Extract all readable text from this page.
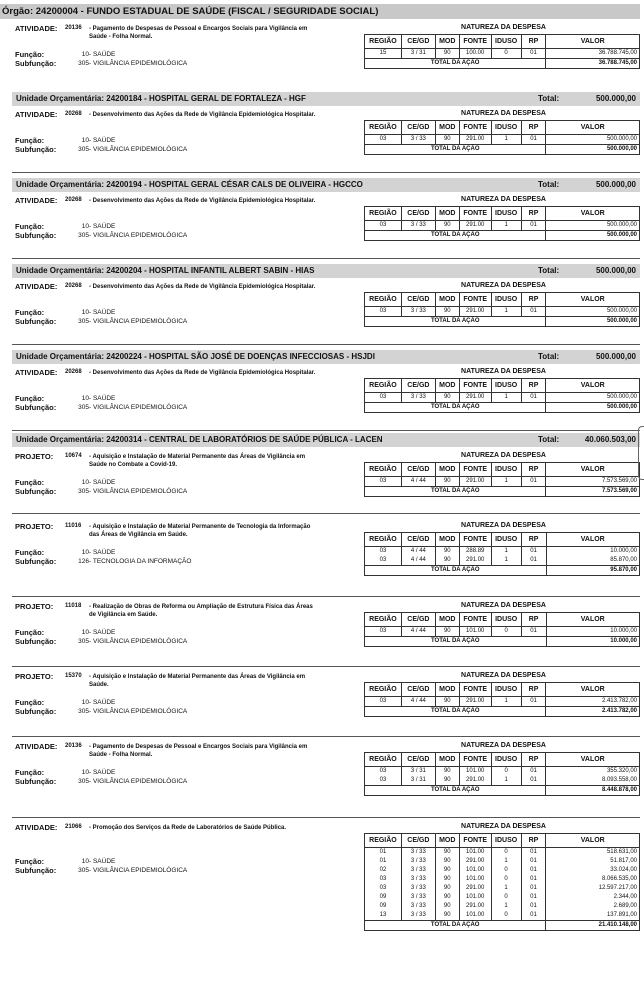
Órgão: 24200004 - FUNDO ESTADUAL DE SAÚDE (FISCAL / SEGURIDADE SOCIAL)
Unidade Orçamentária: 24200184 - HOSPITAL GERAL DE FORTALEZA - HGF	Total:	500.000,00
Unidade Orçamentária: 24200194 - HOSPITAL GERAL CÉSAR CALS DE OLIVEIRA - HGCCO	Total:	500.000,00
Unidade Orçamentária: 24200204 - HOSPITAL INFANTIL ALBERT SABIN - HIAS	Total:	500.000,00
Unidade Orçamentária: 24200224 - HOSPITAL SÃO JOSÉ DE DOENÇAS INFECCIOSAS - HSJDI	Total:	500.000,00
Unidade Orçamentária: 24200314 - CENTRAL DE LABORATÓRIOS DE SAÚDE PÚBLICA - LACEN	Total:	40.060.503,00
ATIVIDADE: 20136 - Pagamento de Despesas de Pessoal e Encargos Sociais para Vigilância em Saúde - Folha Normal.
Função:	10 - SAÚDE
Subfunção:	305 - VIGILÂNCIA EPIDEMIOLÓGICA
NATUREZA DA DESPESA
REGIÃO	CE/GD	MOD	FONTE	IDUSO	RP	VALOR
15	3 / 31	90	100.00	0	01	36.788.745,00
TOTAL DA AÇÃO						36.788.745,00
ATIVIDADE: 20268 - Desenvolvimento das Ações da Rede de Vigilância Epidemiológica Hospitalar.
Função:	10 - SAÚDE
Subfunção:	305 - VIGILÂNCIA EPIDEMIOLÓGICA
NATUREZA DA DESPESA
REGIÃO	CE/GD	MOD	FONTE	IDUSO	RP	VALOR
03	3 / 33	90	291.00	1	01	500.000,00
TOTAL DA AÇÃO						500.000,00
ATIVIDADE: 20268 - Desenvolvimento das Ações da Rede de Vigilância Epidemiológica Hospitalar.
Função:	10 - SAÚDE
Subfunção:	305 - VIGILÂNCIA EPIDEMIOLÓGICA
NATUREZA DA DESPESA
REGIÃO	CE/GD	MOD	FONTE	IDUSO	RP	VALOR
03	3 / 33	90	291.00	1	01	500.000,00
TOTAL DA AÇÃO						500.000,00
ATIVIDADE: 20268 - Desenvolvimento das Ações da Rede de Vigilância Epidemiológica Hospitalar.
Função:	10 - SAÚDE
Subfunção:	305 - VIGILÂNCIA EPIDEMIOLÓGICA
NATUREZA DA DESPESA
REGIÃO	CE/GD	MOD	FONTE	IDUSO	RP	VALOR
03	3 / 33	90	291.00	1	01	500.000,00
TOTAL DA AÇÃO						500.000,00
ATIVIDADE: 20268 - Desenvolvimento das Ações da Rede de Vigilância Epidemiológica Hospitalar.
Função:	10 - SAÚDE
Subfunção:	305 - VIGILÂNCIA EPIDEMIOLÓGICA
NATUREZA DA DESPESA
REGIÃO	CE/GD	MOD	FONTE	IDUSO	RP	VALOR
03	3 / 33	90	291.00	1	01	500.000,00
TOTAL DA AÇÃO						500.000,00
PROJETO: 10674 - Aquisição e Instalação de Material Permanente das Áreas de Vigilância em Saúde no Combate a Covid-19.
Função:	10 - SAÚDE
Subfunção:	305 - VIGILÂNCIA EPIDEMIOLÓGICA
NATUREZA DA DESPESA
REGIÃO	CE/GD	MOD	FONTE	IDUSO	RP	VALOR
03	4 / 44	90	291.00	1	01	7.573.569,00
TOTAL DA AÇÃO						7.573.569,00
PROJETO: 11016 - Aquisição e Instalação de Material Permanente de Tecnologia da Informação das Áreas de Vigilância em Saúde.
Função:	10 - SAÚDE
Subfunção:	126 - TECNOLOGIA DA INFORMAÇÃO
NATUREZA DA DESPESA
REGIÃO	CE/GD	MOD	FONTE	IDUSO	RP	VALOR
03	4 / 44	90	288.89	1	01	10.000,00
03	4 / 44	90	291.00	1	01	85.870,00
TOTAL DA AÇÃO						95.870,00
PROJETO: 11018 - Realização de Obras de Reforma ou Ampliação de Estrutura Física das Áreas de Vigilância em Saúde.
Função:	10 - SAÚDE
Subfunção:	305 - VIGILÂNCIA EPIDEMIOLÓGICA
NATUREZA DA DESPESA
REGIÃO	CE/GD	MOD	FONTE	IDUSO	RP	VALOR
03	4 / 44	90	101.00	0	01	10.000,00
TOTAL DA AÇÃO						10.000,00
PROJETO: 15370 - Aquisição e Instalação de Material Permanente das Áreas de Vigilância em Saúde.
Função:	10 - SAÚDE
Subfunção:	305 - VIGILÂNCIA EPIDEMIOLÓGICA
NATUREZA DA DESPESA
REGIÃO	CE/GD	MOD	FONTE	IDUSO	RP	VALOR
03	4 / 44	90	291.00	1	01	2.413.782,00
TOTAL DA AÇÃO						2.413.782,00
ATIVIDADE: 20136 - Pagamento de Despesas de Pessoal e Encargos Sociais para Vigilância em Saúde - Folha Normal.
Função:	10 - SAÚDE
Subfunção:	305 - VIGILÂNCIA EPIDEMIOLÓGICA
NATUREZA DA DESPESA
REGIÃO	CE/GD	MOD	FONTE	IDUSO	RP	VALOR
03	3 / 31	90	101.00	0	01	355.320,00
03	3 / 31	90	291.00	1	01	8.093.558,00
TOTAL DA AÇÃO						8.448.878,00
ATIVIDADE: 21066 - Promoção dos Serviços da Rede de Laboratórios de Saúde Pública.
Função:	10 - SAÚDE
Subfunção:	305 - VIGILÂNCIA EPIDEMIOLÓGICA
NATUREZA DA DESPESA
REGIÃO	CE/GD	MOD	FONTE	IDUSO	RP	VALOR
01	3 / 33	90	101.00	0	01	518.631,00
01	3 / 33	90	291.00	1	01	51.817,00
02	3 / 33	90	101.00	0	01	33.024,00
03	3 / 33	90	101.00	0	01	8.066.535,00
03	3 / 33	90	291.00	1	01	12.597.217,00
09	3 / 33	90	101.00	0	01	2.344,00
09	3 / 33	90	291.00	1	01	2.689,00
13	3 / 33	90	101.00	0	01	137.891,00
TOTAL DA AÇÃO						21.410.148,00
